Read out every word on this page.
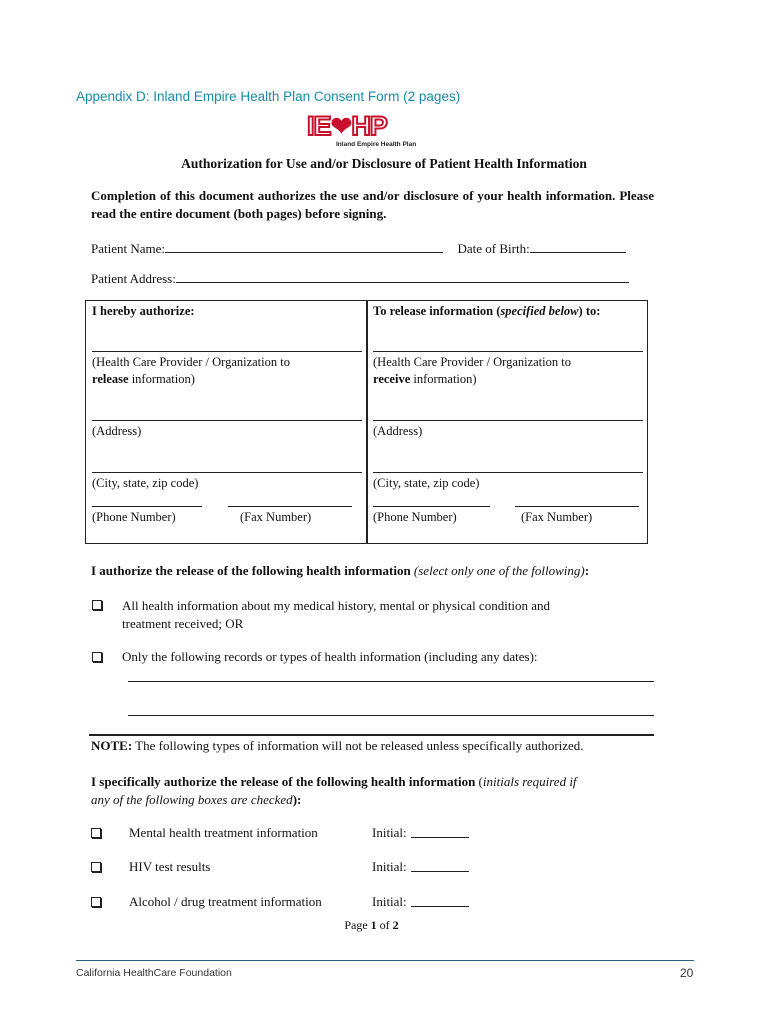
Appendix D: Inland Empire Health Plan Consent Form (2 pages)
IE❤HP
Inland Empire Health Plan
Authorization for Use and/or Disclosure of Patient Health Information
Completion of this document authorizes the use and/or disclosure of your health information. Please read the entire document (both pages) before signing.
Patient Name:	Date of Birth:
Patient Address:
I hereby authorize:
(Health Care Provider / Organization to
release information)
(Address)
(City, state, zip code)
(Phone Number)	(Fax Number)
To release information (specified below) to:
(Health Care Provider / Organization to
receive information)
(Address)
(City, state, zip code)
(Phone Number)	(Fax Number)
I authorize the release of the following health information (select only one of the following):
All health information about my medical history, mental or physical condition and
treatment received; OR
Only the following records or types of health information (including any dates):
NOTE: The following types of information will not be released unless specifically authorized.
I specifically authorize the release of the following health information (initials required if
any of the following boxes are checked):
Mental health treatment information	Initial:
HIV test results	Initial:
Alcohol / drug treatment information	Initial:
Page 1 of 2
California HealthCare Foundation	20
